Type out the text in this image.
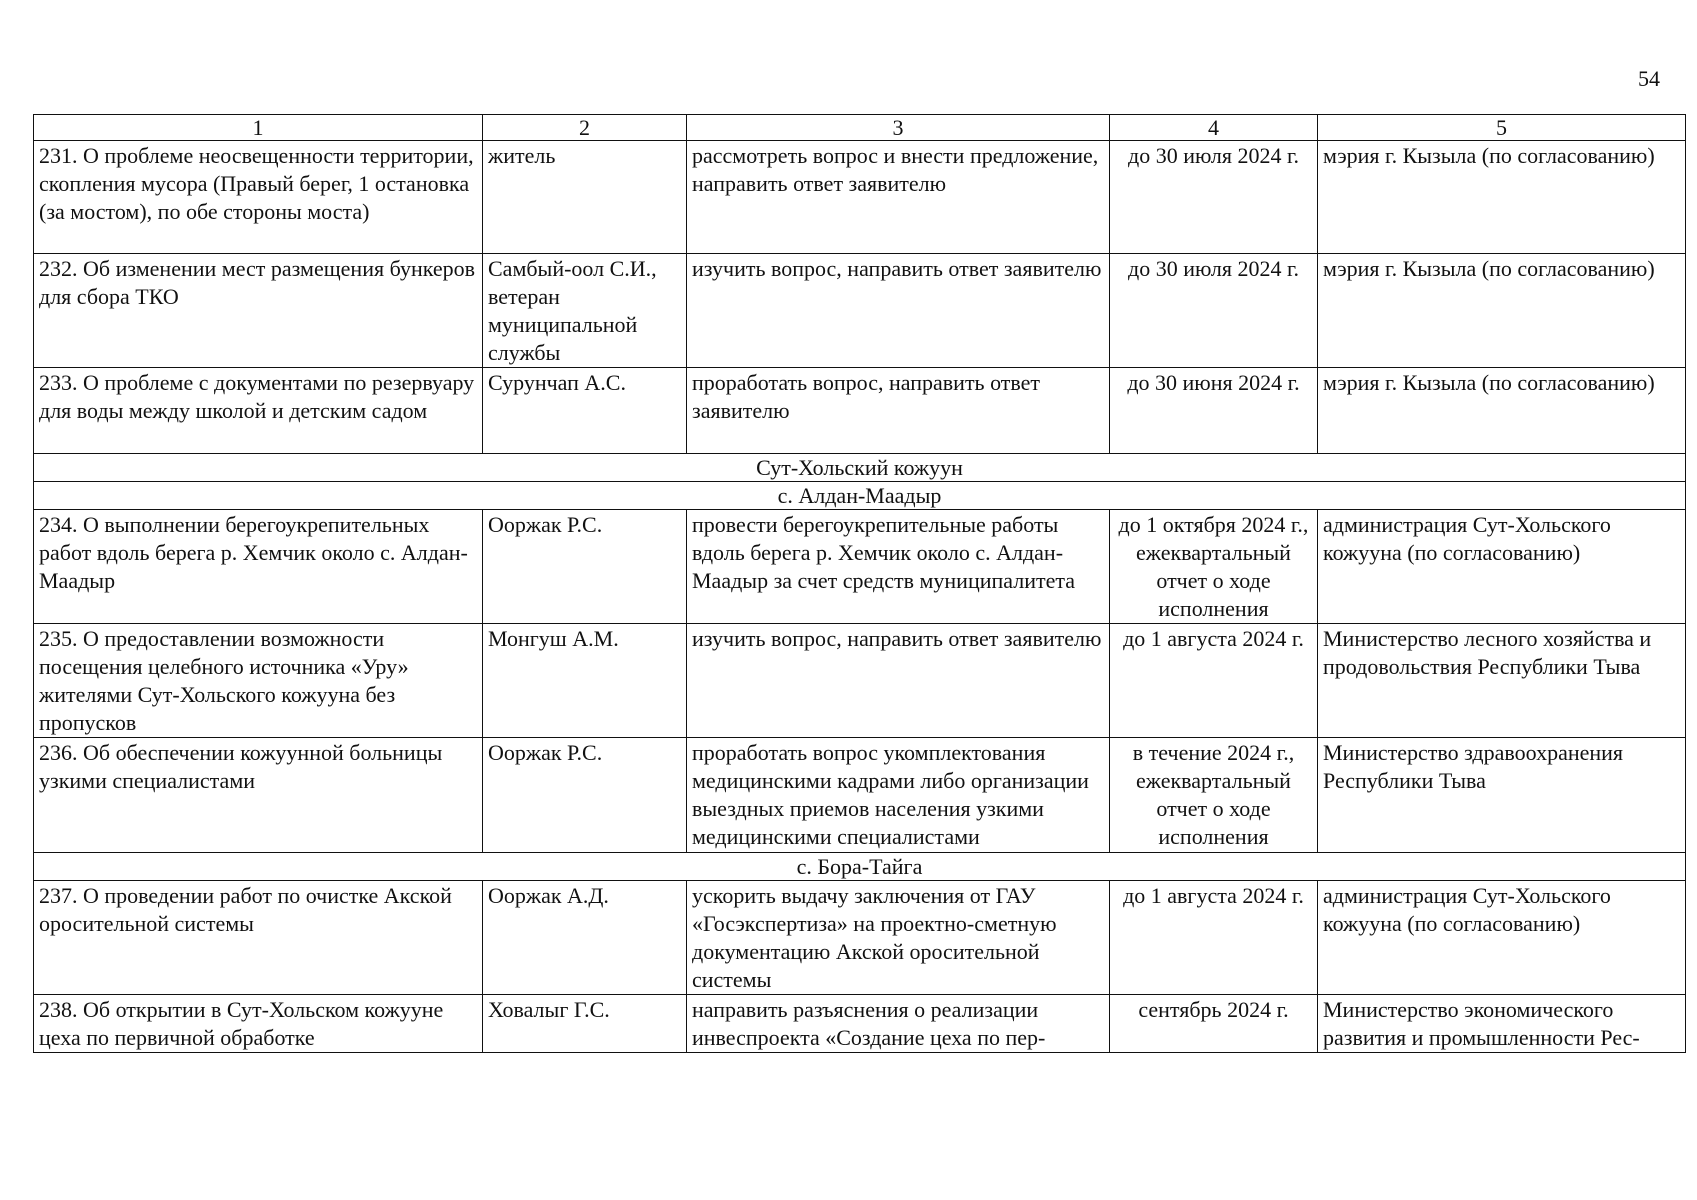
54
1	2	3	4	5
231. О проблеме неосвещенности территории, скопления мусора (Правый берег, 1 остановка (за мостом), по обе стороны моста)	житель	рассмотреть вопрос и внести предложение, направить ответ заявителю	до 30 июля 2024 г.	мэрия г. Кызыла (по согласованию)
232. Об изменении мест размещения бункеров для сбора ТКО	Самбый-оол С.И., ветеран муниципальной службы	изучить вопрос, направить ответ заявителю	до 30 июля 2024 г.	мэрия г. Кызыла (по согласованию)
233. О проблеме с документами по резервуару для воды между школой и детским садом	Сурунчап А.С.	проработать вопрос, направить ответ заявителю	до 30 июня 2024 г.	мэрия г. Кызыла (по согласованию)
Сут-Хольский кожуун				
с. Алдан-Маадыр				
234. О выполнении берегоукрепительных работ вдоль берега р. Хемчик около с. Алдан-Маадыр	Ооржак Р.С.	провести берегоукрепительные работы вдоль берега р. Хемчик около с. Алдан-Маадыр за счет средств муниципалитета	до 1 октября 2024 г., ежеквартальный отчет о ходе исполнения	администрация Сут-Хольского кожууна (по согласованию)
235. О предоставлении возможности посещения целебного источника «Уру» жителями Сут-Хольского кожууна без пропусков	Монгуш А.М.	изучить вопрос, направить ответ заявителю	до 1 августа 2024 г.	Министерство лесного хозяйства и продовольствия Республики Тыва
236. Об обеспечении кожуунной больницы узкими специалистами	Ооржак Р.С.	проработать вопрос укомплектования медицинскими кадрами либо организации выездных приемов населения узкими медицинскими специалистами	в течение 2024 г., ежеквартальный отчет о ходе исполнения	Министерство здравоохранения Республики Тыва
с. Бора-Тайга				
237. О проведении работ по очистке Акской оросительной системы	Ооржак А.Д.	ускорить выдачу заключения от ГАУ «Госэкспертиза» на проектно-сметную документацию Акской оросительной системы	до 1 августа 2024 г.	администрация Сут-Хольского кожууна (по согласованию)
238. Об открытии в Сут-Хольском кожууне цеха по первичной обработке	Ховалыг Г.С.	направить разъяснения о реализации инвеспроекта «Создание цеха по пер-	сентябрь 2024 г.	Министерство экономического развития и промышленности Рес-
